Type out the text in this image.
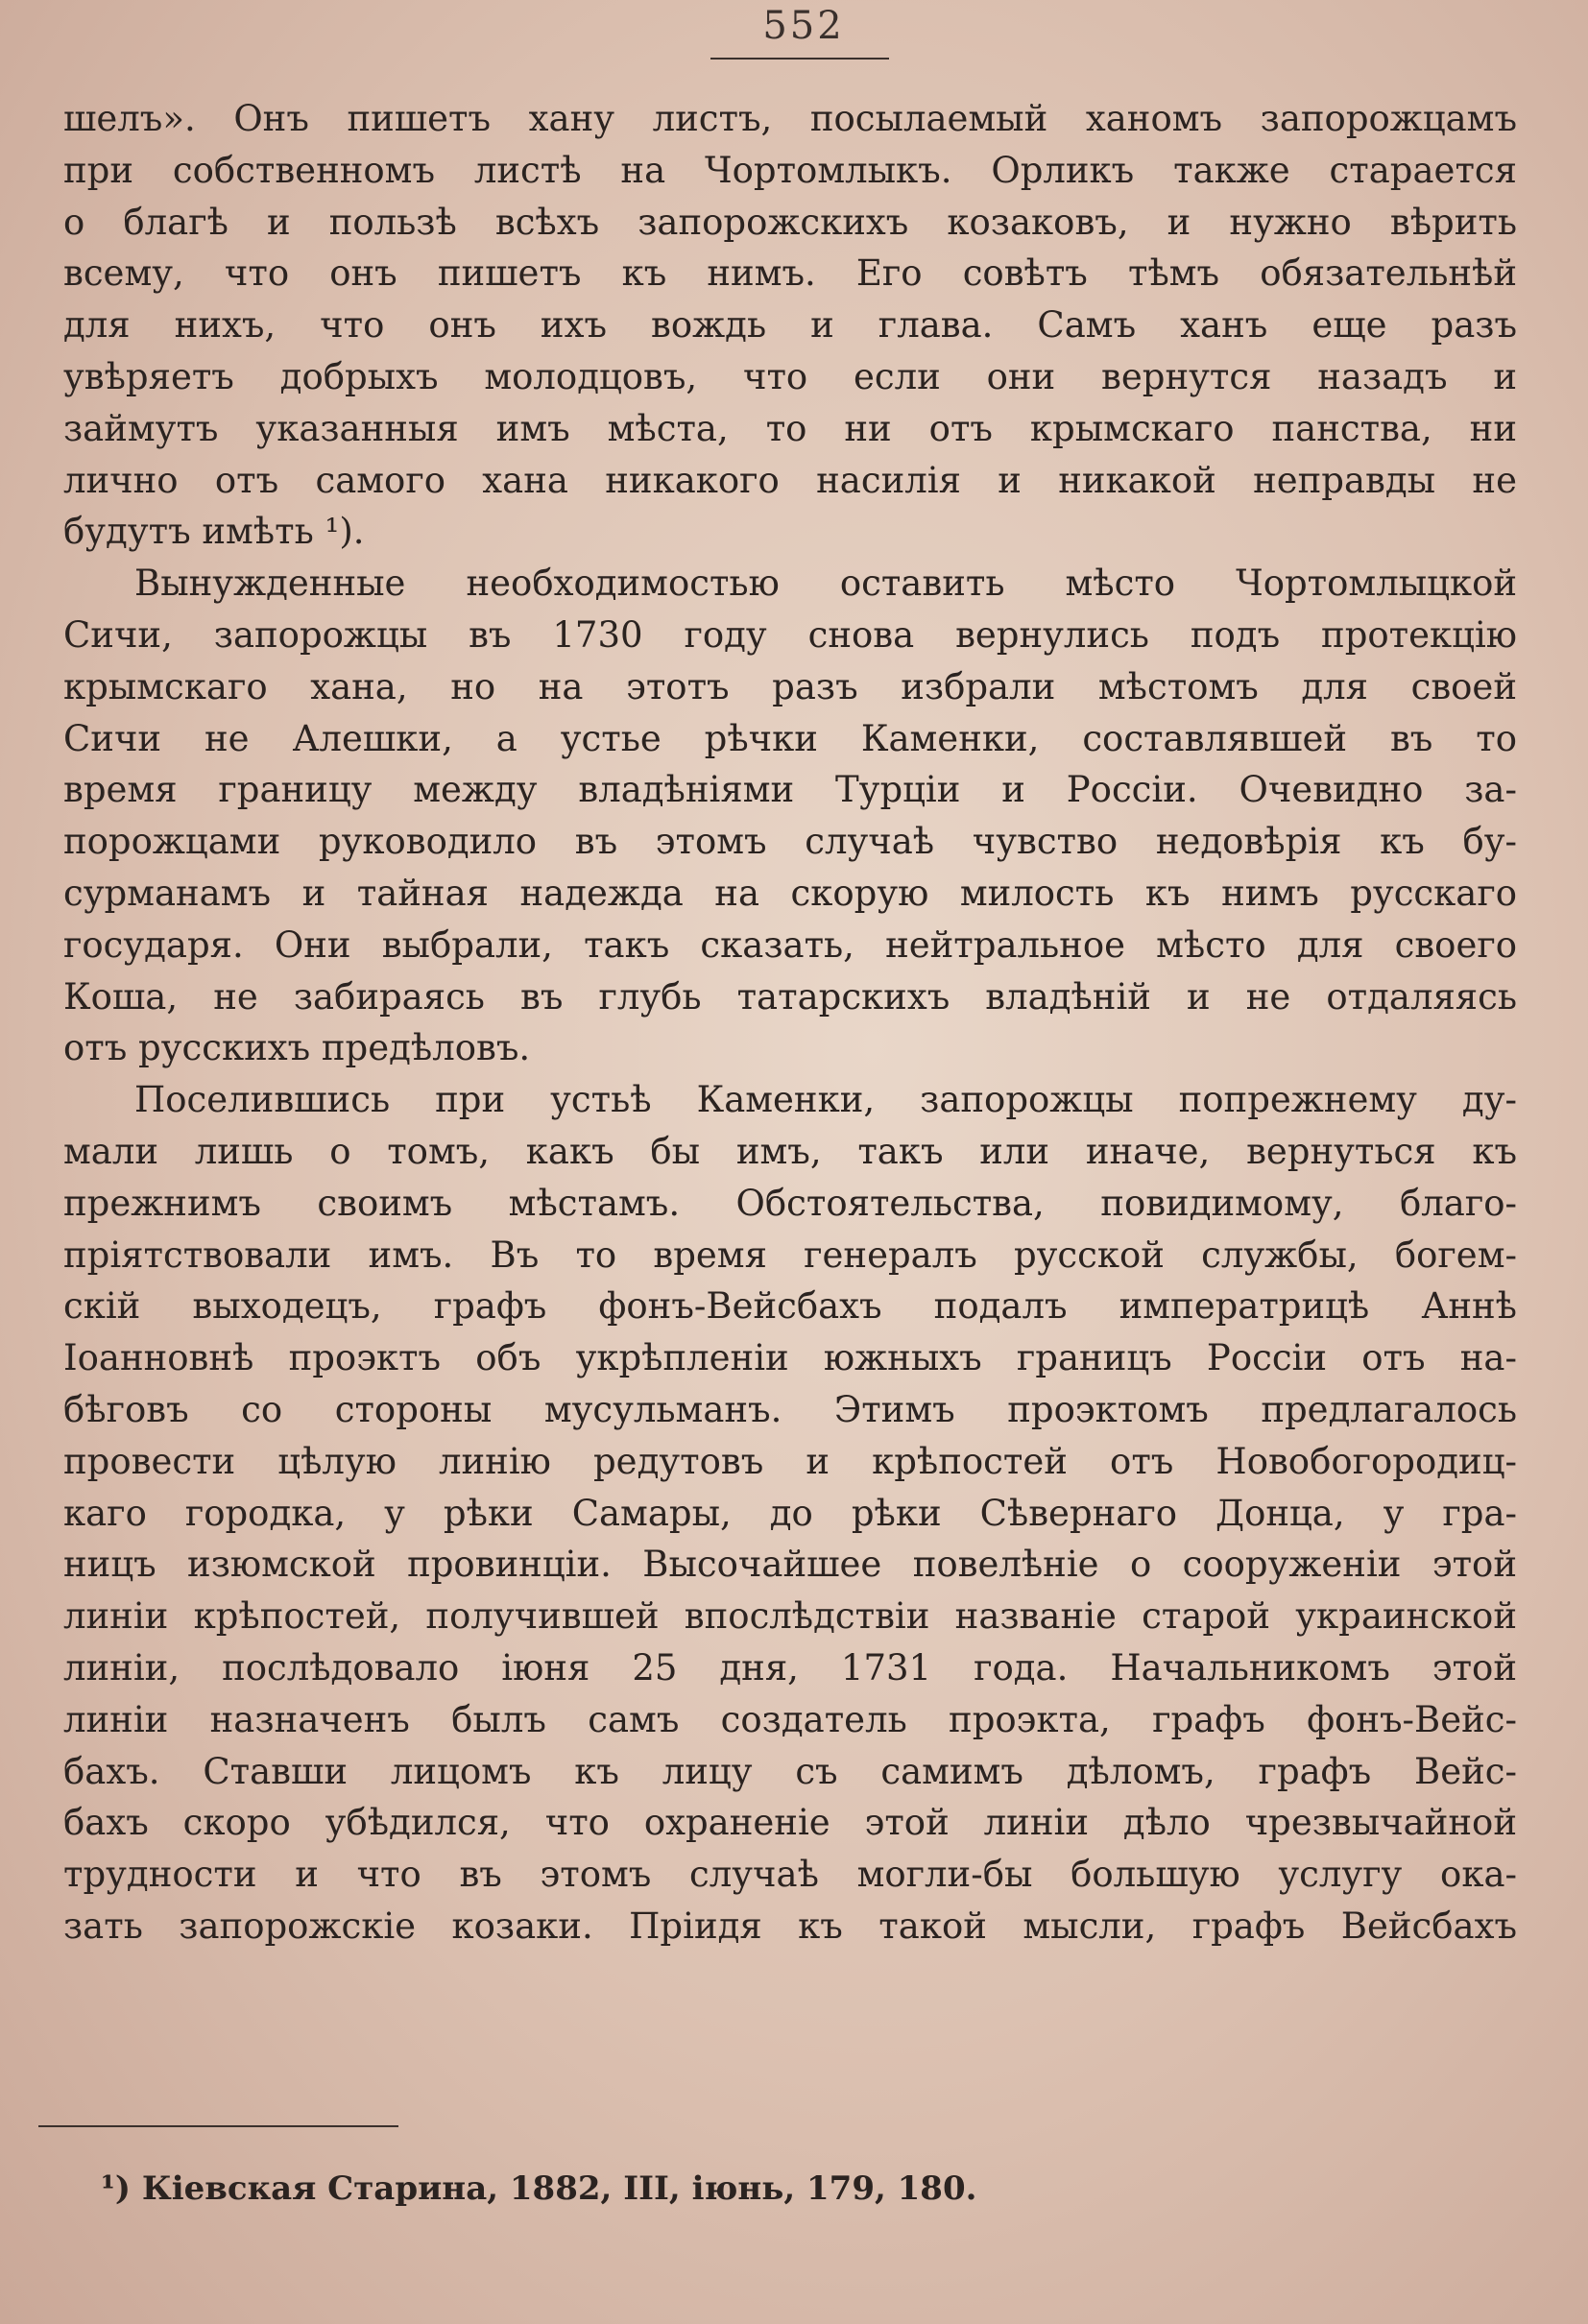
552
шелъ». Онъ пишетъ хану листъ, посылаемый ханомъ запорожцамъ
при собственномъ листѣ на Чортомлыкъ. Орликъ также старается
о благѣ и пользѣ всѣхъ запорожскихъ козаковъ, и нужно вѣрить
всему, что онъ пишетъ къ нимъ. Его совѣтъ тѣмъ обязательнѣй
для нихъ, что онъ ихъ вождь и глава. Самъ ханъ еще разъ
увѣряетъ добрыхъ молодцовъ, что если они вернутся назадъ и
займутъ указанныя имъ мѣста, то ни отъ крымскаго панства, ни
лично отъ самого хана никакого насилія и никакой неправды не
будутъ имѣть ¹).
Вынужденные необходимостью оставить мѣсто Чортомлыцкой
Сичи, запорожцы въ 1730 году снова вернулись подъ протекцію
крымскаго хана, но на этотъ разъ избрали мѣстомъ для своей
Сичи не Алешки, а устье рѣчки Каменки, составлявшей въ то
время границу между владѣніями Турціи и Россіи. Очевидно за-
порожцами руководило въ этомъ случаѣ чувство недовѣрія къ бу-
сурманамъ и тайная надежда на скорую милость къ нимъ русскаго
государя. Они выбрали, такъ сказать, нейтральное мѣсто для своего
Коша, не забираясь въ глубь татарскихъ владѣній и не отдаляясь
отъ русскихъ предѣловъ.
Поселившись при устьѣ Каменки, запорожцы попрежнему ду-
мали лишь о томъ, какъ бы имъ, такъ или иначе, вернуться къ
прежнимъ своимъ мѣстамъ. Обстоятельства, повидимому, благо-
пріятствовали имъ. Въ то время генералъ русской службы, богем-
скій выходецъ, графъ фонъ-Вейсбахъ подалъ императрицѣ Аннѣ
Іоанновнѣ проэктъ объ укрѣпленіи южныхъ границъ Россіи отъ на-
бѣговъ со стороны мусульманъ. Этимъ проэктомъ предлагалось
провести цѣлую линію редутовъ и крѣпостей отъ Новобогородиц-
каго городка, у рѣки Самары, до рѣки Сѣвернаго Донца, у гра-
ницъ изюмской провинціи. Высочайшее повелѣніе о сооруженіи этой
линіи крѣпостей, получившей впослѣдствіи названіе старой украинской
линіи, послѣдовало іюня 25 дня, 1731 года. Начальникомъ этой
линіи назначенъ былъ самъ создатель проэкта, графъ фонъ-Вейс-
бахъ. Ставши лицомъ къ лицу съ самимъ дѣломъ, графъ Вейс-
бахъ скоро убѣдился, что охраненіе этой линіи дѣло чрезвычайной
трудности и что въ этомъ случаѣ могли-бы большую услугу ока-
зать запорожскіе козаки. Пріидя къ такой мысли, графъ Вейсбахъ
¹) Кіевская Старина, 1882, III, іюнь, 179, 180.
